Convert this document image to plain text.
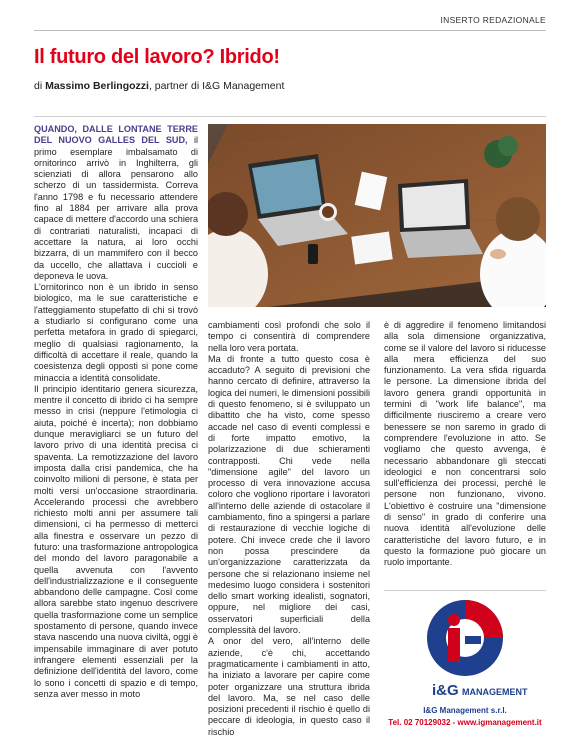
INSERTO REDAZIONALE
Il futuro del lavoro? Ibrido!
di Massimo Berlingozzi, partner di I&G Management

QUANDO, DALLE LONTANE TERRE DEL NUOVO GALLES DEL SUD, il primo esemplare imbalsamato di ornitorinco arrivò in Inghilterra, gli scienziati di allora pensarono allo scherzo di un tassidermista. Correva l'anno 1798 e fu necessario attendere fino al 1884 per arrivare alla prova capace di mettere d'accordo una schiera di contrariati naturalisti, incapaci di accettare la natura, ai loro occhi bizzarra, di un mammifero con il becco da uccello, che allattava i cuccioli e deponeva le uova.

L'ornitorinco non è un ibrido in senso biologico, ma le sue caratteristiche e l'atteggiamento stupefatto di chi si trovò a studiarlo si configurano come una perfetta metafora in grado di spiegarci, meglio di qualsiasi ragionamento, la difficoltà di accettare il reale, quando la coesistenza degli opposti si pone come minaccia a identità consolidate.

Il principio identitario genera sicurezza, mentre il concetto di ibrido ci ha sempre messo in crisi (neppure l'etimologia ci aiuta, poiché è incerta); non dobbiamo dunque meravigliarci se un futuro del lavoro privo di una identità precisa ci spaventa. La remotizzazione del lavoro imposta dalla crisi pandemica, che ha coinvolto milioni di persone, è stata per molti versi un'occasione straordinaria. Accelerando processi che avrebbero richiesto molti anni per assumere tali dimensioni, ci ha permesso di metterci alla finestra e osservare un pezzo di futuro: una trasformazione antropologica del mondo del lavoro paragonabile a quella avvenuta con l'avvento dell'industrializzazione e il conseguente abbandono delle campagne. Così come allora sarebbe stato ingenuo descrivere quella trasformazione come un semplice spostamento di persone, quando invece stava nascendo una nuova civiltà, oggi è impensabile immaginare di aver potuto infrangere elementi essenziali per la definizione dell'identità del lavoro, come lo sono i concetti di spazio e di tempo, senza aver messo in moto

cambiamenti così profondi che solo il tempo ci consentirà di comprendere nella loro vera portata.

Ma di fronte a tutto questo cosa è accaduto? A seguito di previsioni che hanno cercato di definire, attraverso la logica dei numeri, le dimensioni possibili di questo fenomeno, si è sviluppato un dibattito che ha visto, come spesso accade nel caso di eventi complessi e di forte impatto emotivo, la polarizzazione di due schieramenti contrapposti. Chi vede nella "dimensione agile" del lavoro un processo di vera innovazione accusa coloro che vogliono riportare i lavoratori all'interno delle aziende di ostacolare il cambiamento, fino a spingersi a parlare di restaurazione di vecchie logiche di potere. Chi invece crede che il lavoro non possa prescindere da un'organizzazione caratterizzata da persone che si relazionano insieme nel medesimo luogo considera i sostenitori dello smart working idealisti, sognatori, oppure, nel migliore dei casi, osservatori superficiali della complessità del lavoro.

A onor del vero, all'interno delle aziende, c'è chi, accettando pragmaticamente i cambiamenti in atto, ha iniziato a lavorare per capire come poter organizzare una struttura ibrida del lavoro. Ma, se nel caso delle posizioni precedenti il rischio è quello di peccare di ideologia, in questo caso il rischio

è di aggredire il fenomeno limitandosi alla sola dimensione organizzativa, come se il valore del lavoro si riducesse alla mera efficienza del suo funzionamento. La vera sfida riguarda le persone. La dimensione ibrida del lavoro genera grandi opportunità in termini di "work life balance", ma difficilmente riusciremo a creare vero benessere se non saremo in grado di comprendere l'evoluzione in atto. Se vogliamo che questo avvenga, è necessario abbandonare gli steccati ideologici e non concentrarsi solo sull'efficienza dei processi, perché le persone non funzionano, vivono. L'obiettivo è costruire una "dimensione di senso" in grado di conferire una nuova identità all'evoluzione delle caratteristiche del lavoro futuro, e in questo la formazione può giocare un ruolo importante.

i&G MANAGEMENT
I&G Management s.r.l.
Tel. 02 70129032 - www.igmanagement.it
